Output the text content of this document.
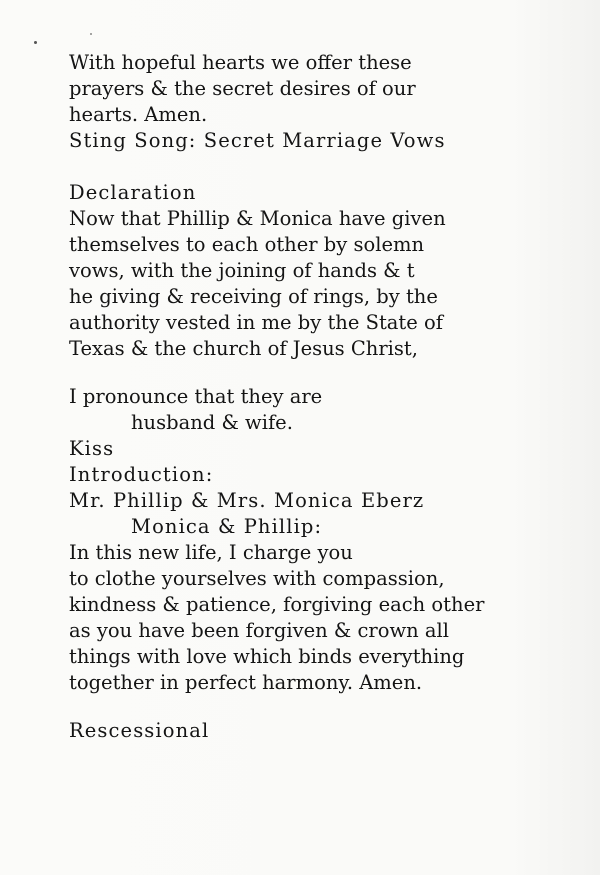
With hopeful hearts we offer these
prayers & the secret desires of our
hearts. Amen.
Sting Song: Secret Marriage Vows
Declaration
Now that Phillip & Monica have given
themselves to each other by solemn
vows, with the joining of hands & t
he giving & receiving of rings, by the
authority vested in me by the State of
Texas & the church of Jesus Christ,
I pronounce that they are
husband & wife.
Kiss
Introduction:
Mr. Phillip & Mrs. Monica Eberz
Monica & Phillip:
In this new life, I charge you
to clothe yourselves with compassion,
kindness & patience, forgiving each other
as you have been forgiven & crown all
things with love which binds everything
together in perfect harmony. Amen.
Rescessional
